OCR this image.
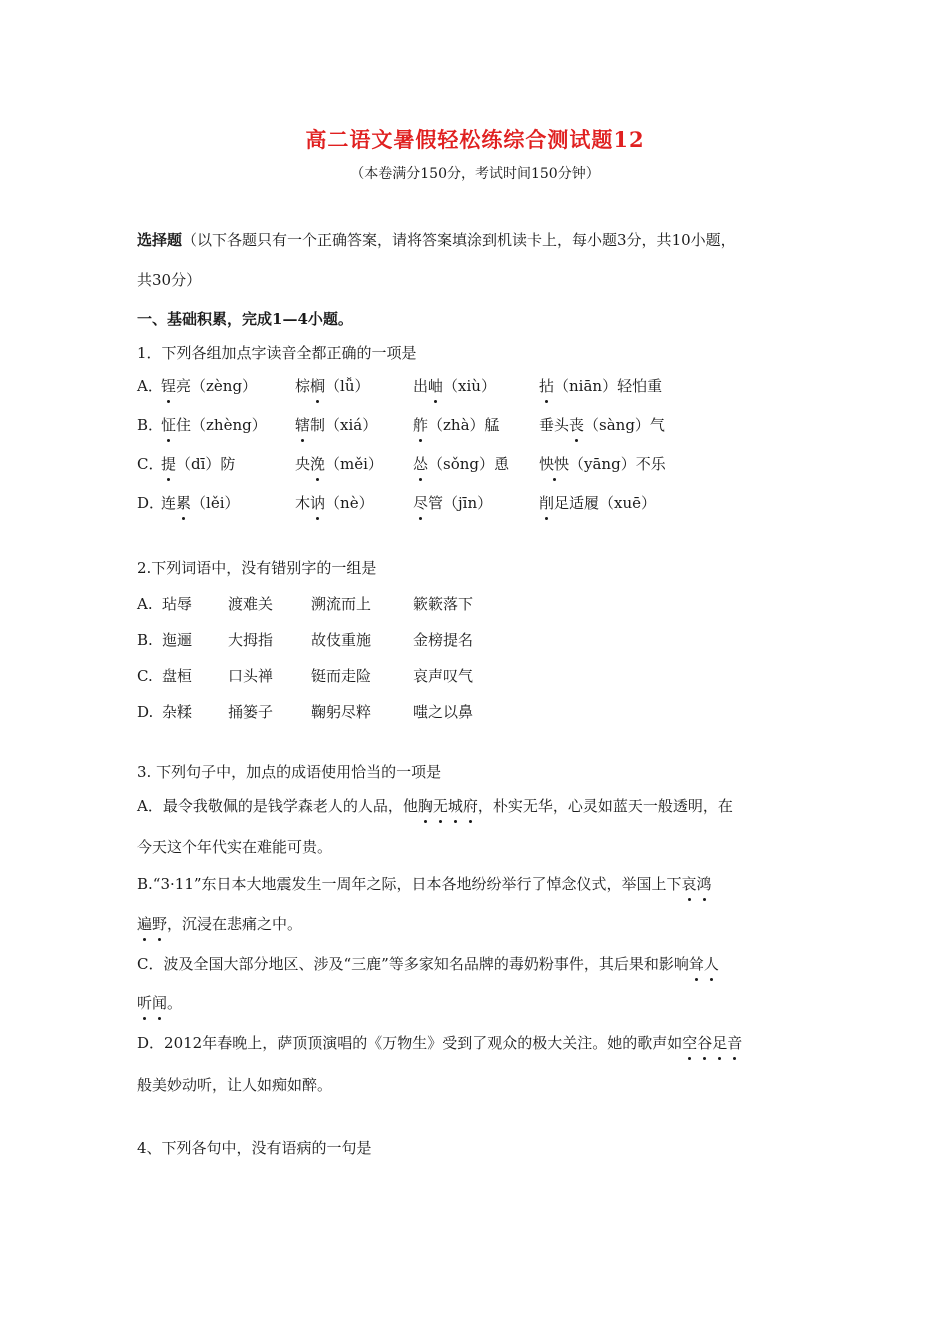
高二语文暑假轻松练综合测试题12
（本卷满分150分，考试时间150分钟）
选择题（以下各题只有一个正确答案，请将答案填涂到机读卡上，每小题3分，共10小题，
共30分）
一、基础积累，完成1—4小题。
1．下列各组加点字读音全都正确的一项是
A．
锃亮（zèng）	棕榈（lǚ）	出岫（xiù）	拈（niān）轻怕重
B．
怔住（zhèng） 辖制（xiá） 舴（zhà）艋	垂头丧（sàng）气
C．
提（dī）防	央浼（měi） 怂（sǒng）恿 怏怏（yāng）不乐
D．
连累（lěi）	木讷（nè）	尽管（jīn）	削足适履（xuē）
2.下列词语中，没有错别字的一组是
A. 玷辱 渡难关	溯流而上	簌簌落下
B. 迤逦 大拇指	故伎重施	金榜提名
C. 盘桓 口头禅	铤而走险	哀声叹气
D. 杂糅 捅篓子	鞠躬尽粹	嗤之以鼻
3. 下列句子中，加点的成语使用恰当的一项是
A．最令我敬佩的是钱学森老人的人品，他胸无城府，朴实无华，心灵如蓝天一般透明，在
今天这个年代实在难能可贵。
B.“3·11”东日本大地震发生一周年之际，日本各地纷纷举行了悼念仪式，举国上下哀鸿
遍野，沉浸在悲痛之中。
C．波及全国大部分地区、涉及“三鹿”等多家知名品牌的毒奶粉事件，其后果和影响耸人
听闻。
D．2012年春晚上，萨顶顶演唱的《万物生》受到了观众的极大关注。她的歌声如空谷足音
般美妙动听，让人如痴如醉。
4、下列各句中，没有语病的一句是
